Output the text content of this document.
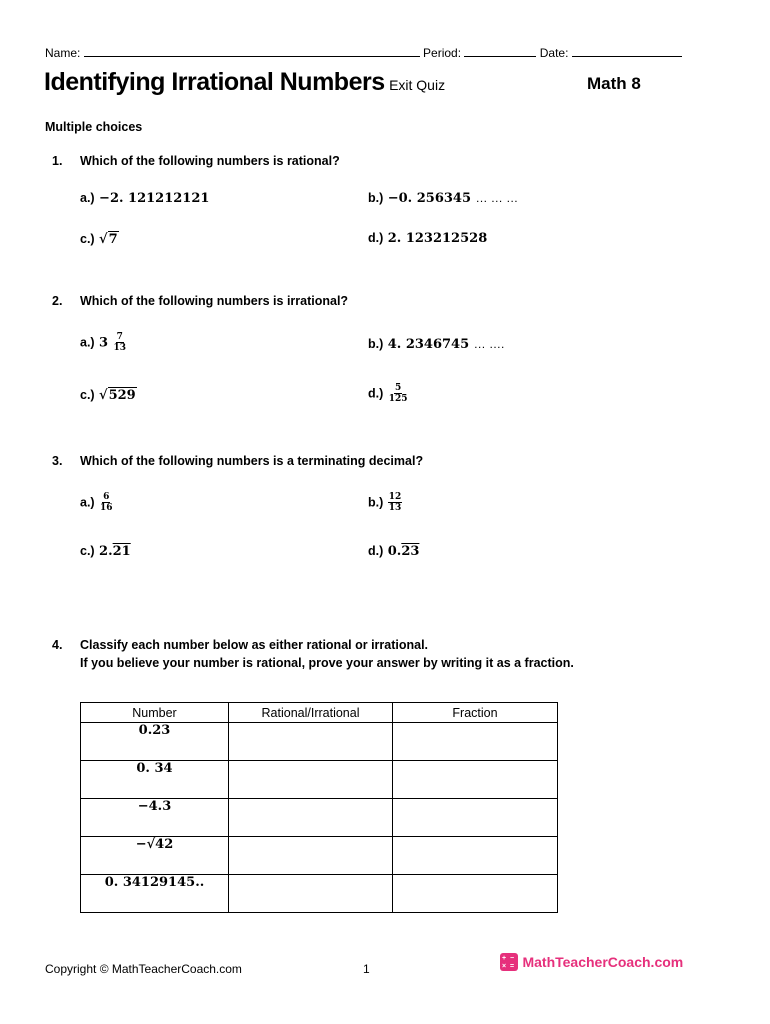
Name:	Period:	Date:
Identifying Irrational Numbers Exit Quiz	Math 8
Multiple choices
1. Which of the following numbers is rational?
a.) −2. 121212121	b.) −0. 256345 … … …
c.) √7	d.) 2. 123212528
2. Which of the following numbers is irrational?
a.) $3 \frac{7}{13}$	b.) 4. 2346745 … ….
c.) √529	$d.) \frac{5}{125}$
3. Which of the following numbers is a terminating decimal?
$a.) \frac{6}{16}$	$b.) \frac{12}{13}$
c.) 2.21	d.) 0.23
4. Classify each number below as either rational or irrational.
If you believe your number is rational, prove your answer by writing it as a fraction.
Number	Rational/Irrational	Fraction
0.23		
0. 34		
−4.3		
−√42		
0. 34129145..		
Copyright © MathTeacherCoach.com	1
+ −
× = MathTeacherCoach.com
